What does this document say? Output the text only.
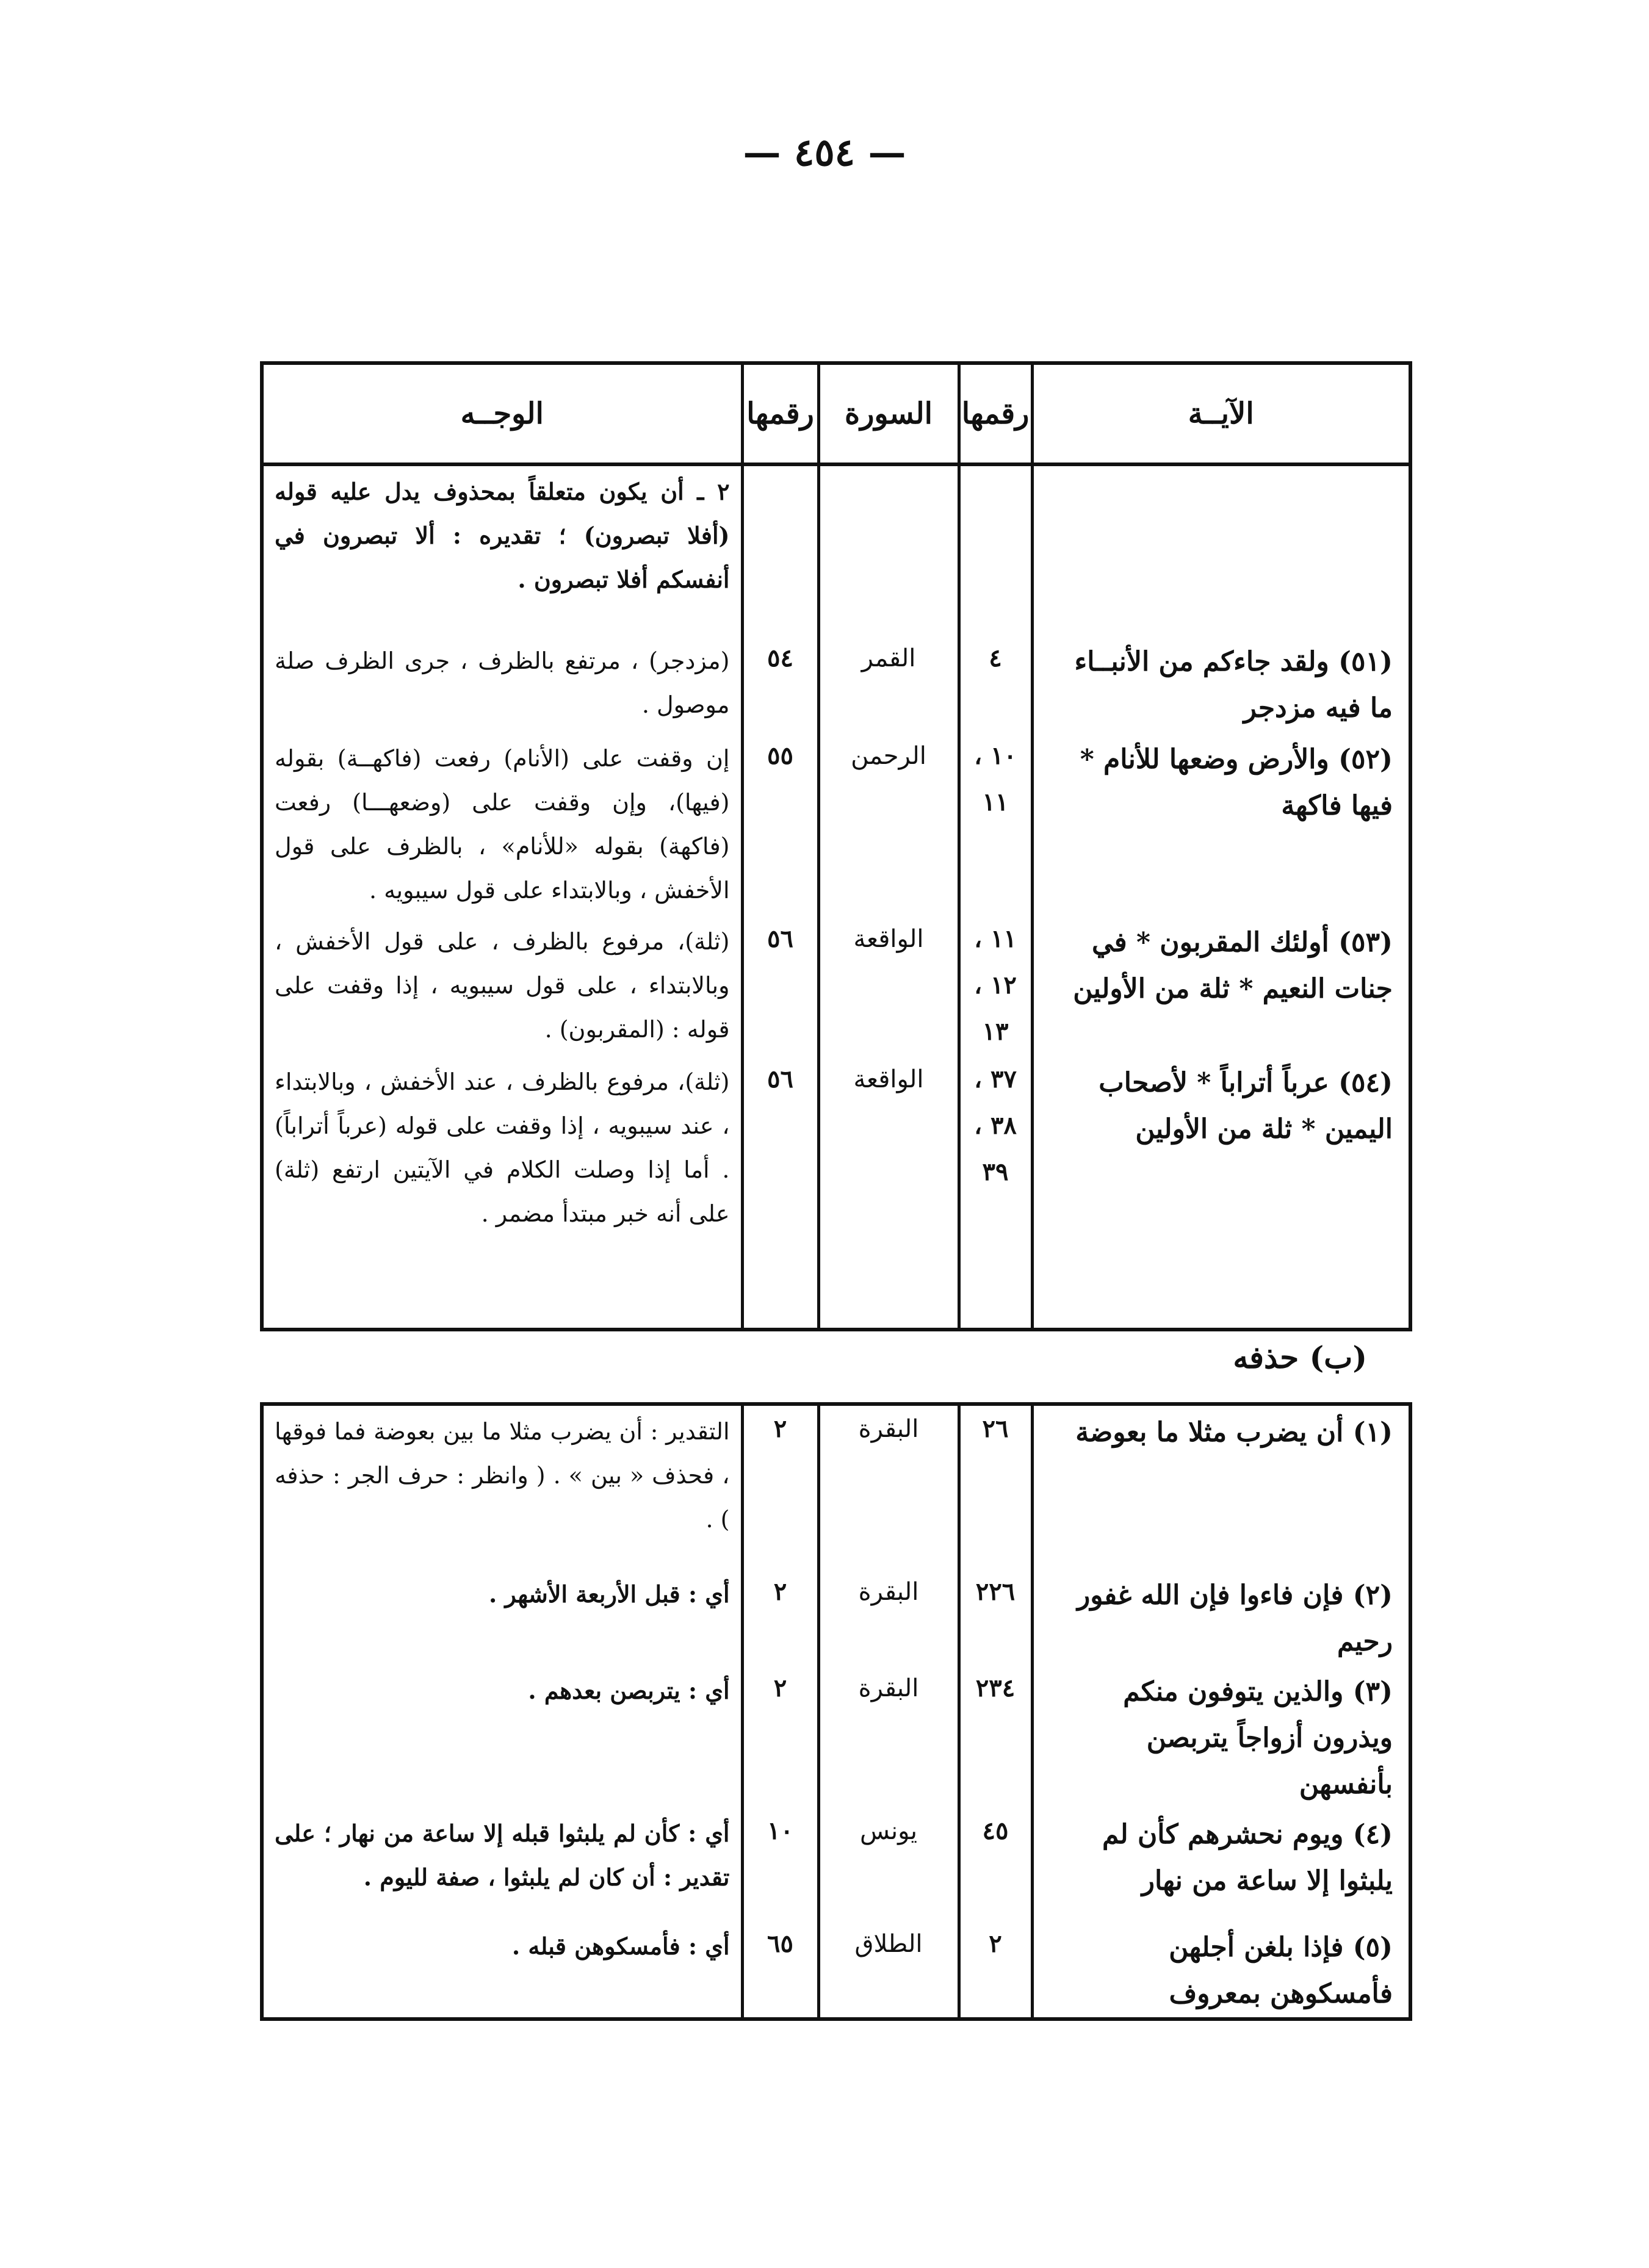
— ٤٥٤ —
الآيــة	رقمها	السورة	رقمها	الوجــه
				٢ ـ أن يكون متعلقاً بمحذوف يدل عليه قوله (أفلا تبصرون) ؛ تقديره : ألا تبصرون في أنفسكم أفلا تبصرون .
(٥١) ولقد جاءكم من الأنبــاء ما فيه مزدجر	٤	القمر	٥٤	(مزدجر) ، مرتفع بالظرف ، جرى الظرف صلة موصول .
(٥٢) والأرض وضعها للأنام * فيها فاكهة	١٠ ، ١١	الرحمن	٥٥	إن وقفت على (الأنام) رفعت (فاكهــة) بقوله (فيها)، وإن وقفت على (وضعهـــا) رفعت (فاكهة) بقوله «للأنام» ، بالظرف على قول الأخفش ، وبالابتداء على قول سيبويه .
(٥٣) أولئك المقربون * في جنات النعيم * ثلة من الأولين	١١ ، ١٢ ، ١٣	الواقعة	٥٦	(ثلة)، مرفوع بالظرف ، على قول الأخفش ، وبالابتداء ، على قول سيبويه ، إذا وقفت على قوله : (المقربون) .
(٥٤) عرباً أتراباً * لأصحاب اليمين * ثلة من الأولين	٣٧ ، ٣٨ ، ٣٩	الواقعة	٥٦	(ثلة)، مرفوع بالظرف ، عند الأخفش ، وبالابتداء ، عند سيبويه ، إذا وقفت على قوله (عرباً أتراباً) . أما إذا وصلت الكلام في الآيتين ارتفع (ثلة) على أنه خبر مبتدأ مضمر .
(ب) حذفه
(١) أن يضرب مثلا ما بعوضة	٢٦	البقرة	٢	التقدير : أن يضرب مثلا ما بين بعوضة فما فوقها ، فحذف « بين » . ( وانظر : حرف الجر : حذفه ) .
(٢) فإن فاءوا فإن الله غفور رحيم	٢٢٦	البقرة	٢	أي : قبل الأربعة الأشهر .
(٣) والذين يتوفون منكم ويذرون أزواجاً يتربصن بأنفسهن	٢٣٤	البقرة	٢	أي : يتربصن بعدهم .
(٤) ويوم نحشرهم كأن لم يلبثوا إلا ساعة من نهار	٤٥	يونس	١٠	أي : كأن لم يلبثوا قبله إلا ساعة من نهار ؛ على تقدير : أن كان لم يلبثوا ، صفة لليوم .
(٥) فإذا بلغن أجلهن فأمسكوهن بمعروف	٢	الطلاق	٦٥	أي : فأمسكوهن قبله .
